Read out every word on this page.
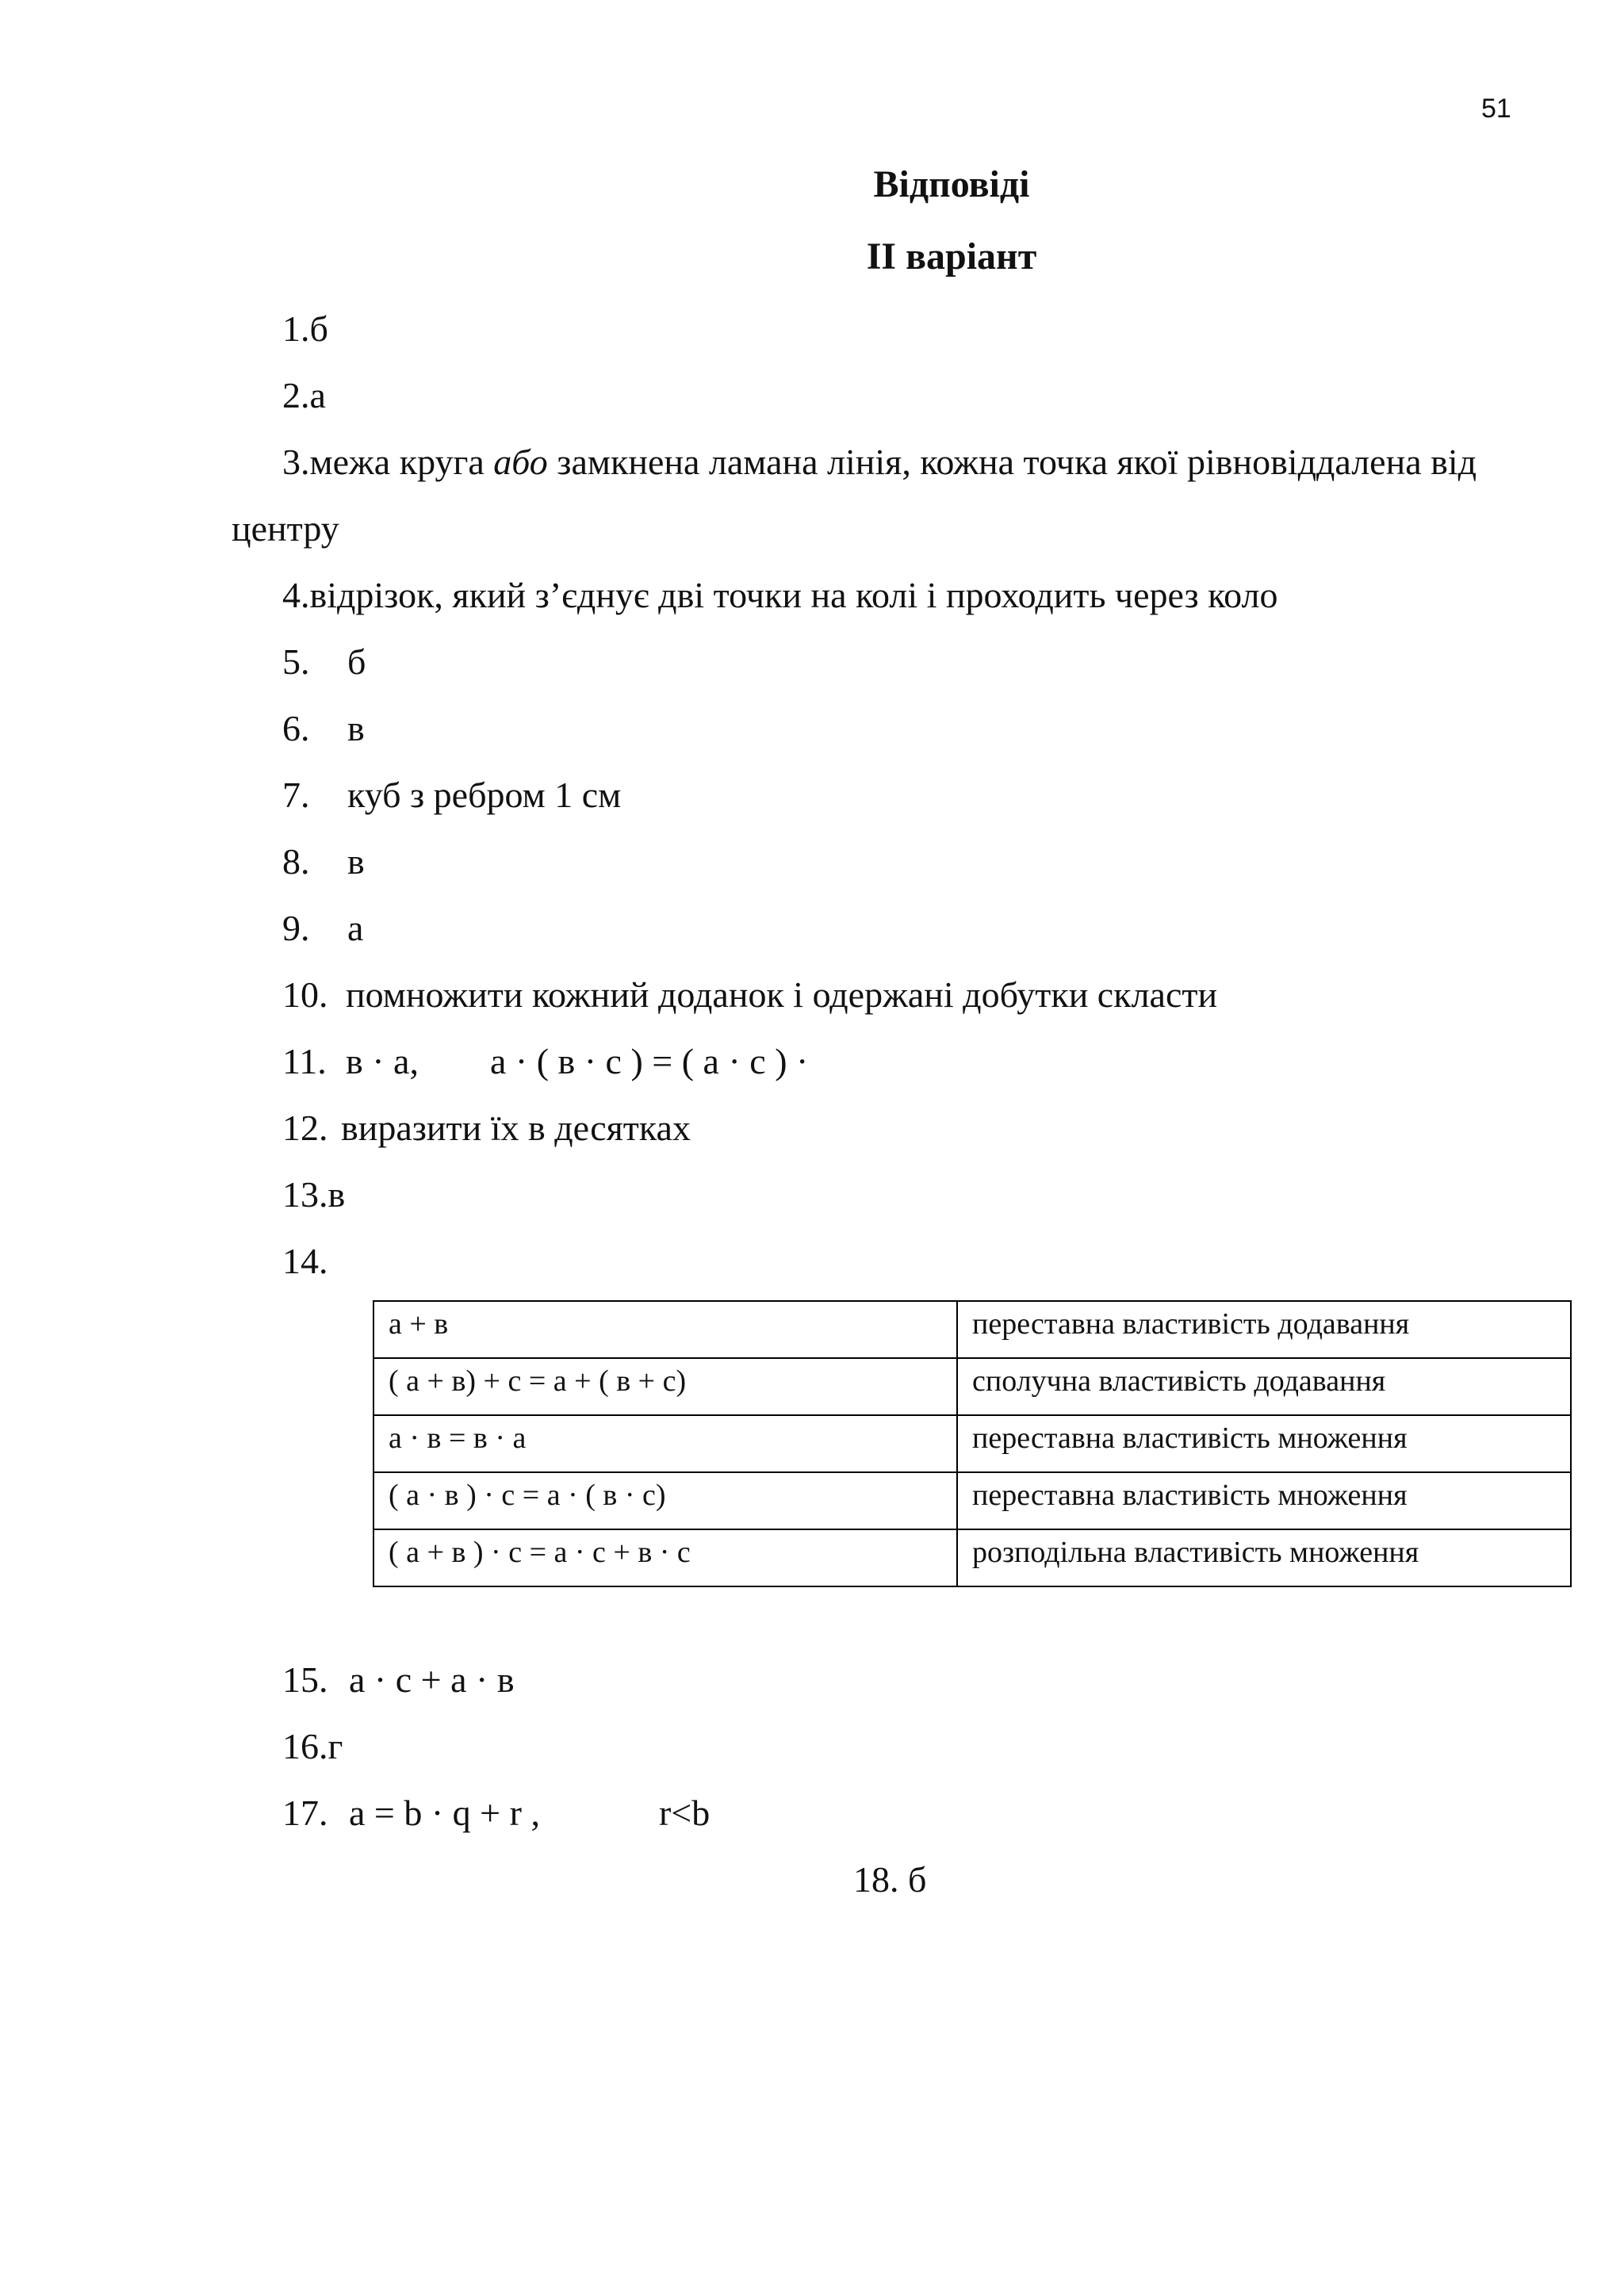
51
Відповіді
ІІ варіант
1.б
2.а
3.межа круга або замкнена ламана лінія, кожна точка якої рівновіддалена від
центру
4.відрізок, який з’єднує дві точки на колі і проходить через коло
5. б
6. в
7. куб з ребром 1 см
8. в
9. а
10. помножити кожний доданок і одержані добутки скласти
11. в · а, а · ( в · с ) = ( а · с ) ·
12. виразити їх в десятках
13.в
14.
а + в	переставна властивість додавання
( а + в) + с = а + ( в + с)	сполучна властивість додавання
а · в = в · а	переставна властивість множення
( а · в ) · с = а · ( в · с)	переставна властивість множення
( а + в ) · с = а · с + в · с	розподільна властивість множення
15. а · с + а · в
16.г
17. а = b · q + r ,	r<b
18. б
